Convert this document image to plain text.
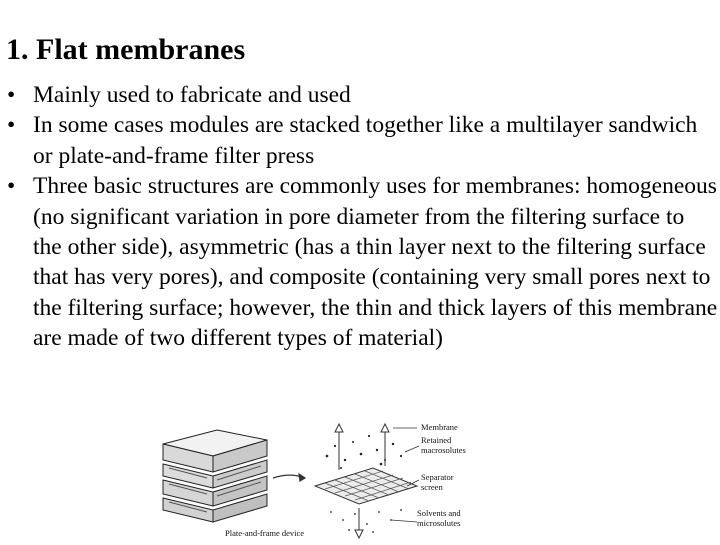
1. Flat membranes
• Mainly used to fabricate and used
• In some cases modules are stacked together like a multilayer sandwich or plate-and-frame filter press
• Three basic structures are commonly uses for membranes: homogeneous (no significant variation in pore diameter from the filtering surface to the other side), asymmetric (has a thin layer next to the filtering surface that has very pores), and composite (containing very small pores next to the filtering surface; however, the thin and thick layers of this membrane are made of two different types of material)
Membrane
Retained
macrosolutes
Separator
screen
Solvents and
microsolutes
Plate-and-frame device
